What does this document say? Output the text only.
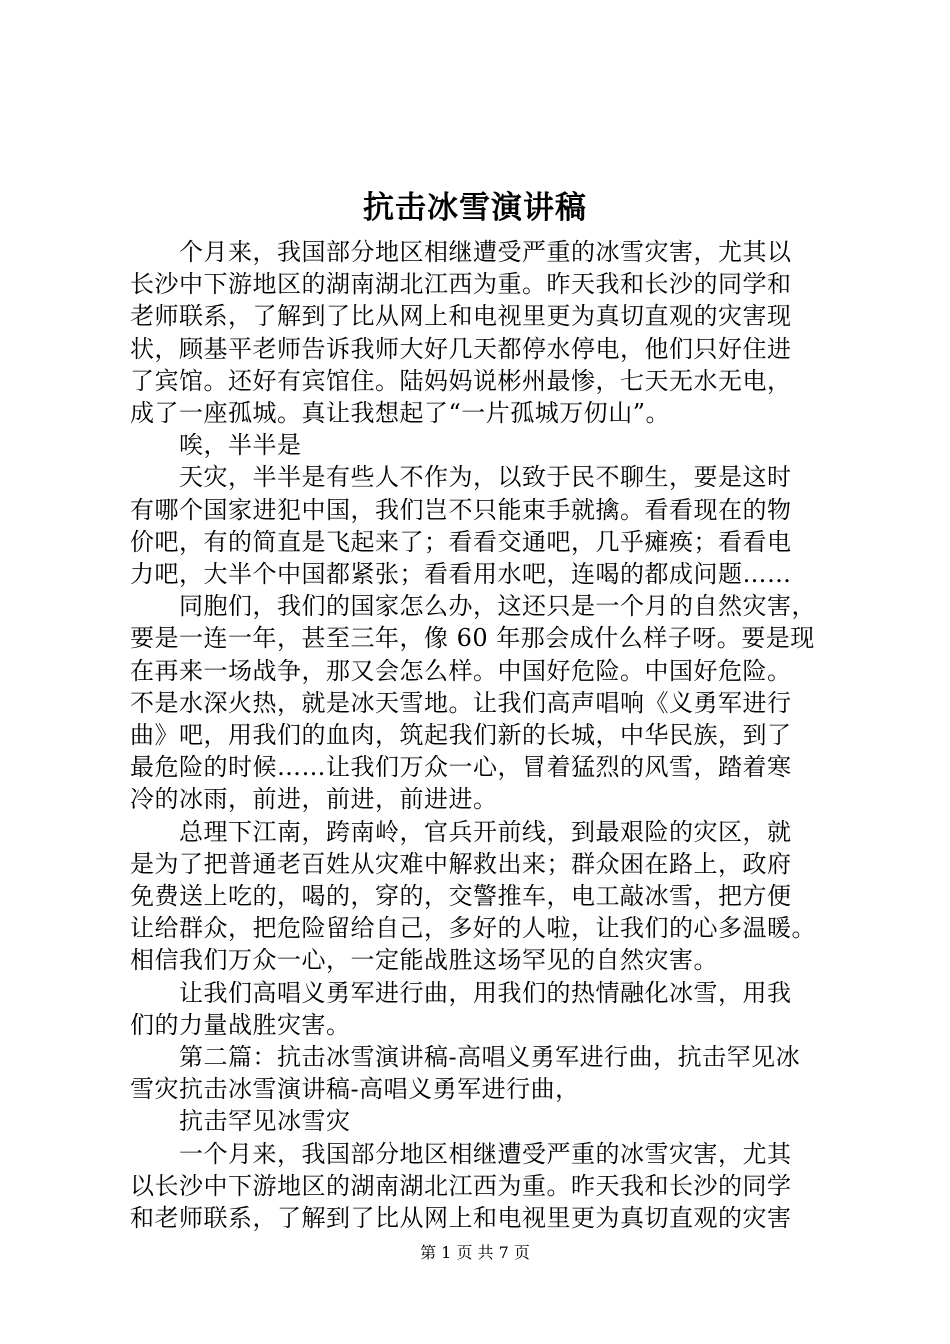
抗击冰雪演讲稿
　　个月来，我国部分地区相继遭受严重的冰雪灾害，尤其以
长沙中下游地区的湖南湖北江西为重。昨天我和长沙的同学和
老师联系，了解到了比从网上和电视里更为真切直观的灾害现
状，顾基平老师告诉我师大好几天都停水停电，他们只好住进
了宾馆。还好有宾馆住。陆妈妈说彬州最惨，七天无水无电，
成了一座孤城。真让我想起了“一片孤城万仞山”。
　　唉，半半是
　　天灾，半半是有些人不作为，以致于民不聊生，要是这时
有哪个国家进犯中国，我们岂不只能束手就擒。看看现在的物
价吧，有的简直是飞起来了；看看交通吧，几乎瘫痪；看看电
力吧，大半个中国都紧张；看看用水吧，连喝的都成问题……
　　同胞们，我们的国家怎么办，这还只是一个月的自然灾害，
要是一连一年，甚至三年，像 60 年那会成什么样子呀。要是现
在再来一场战争，那又会怎么样。中国好危险。中国好危险。
不是水深火热，就是冰天雪地。让我们高声唱响《义勇军进行
曲》吧，用我们的血肉，筑起我们新的长城，中华民族，到了
最危险的时候……让我们万众一心，冒着猛烈的风雪，踏着寒
冷的冰雨，前进，前进，前进进。
　　总理下江南，跨南岭，官兵开前线，到最艰险的灾区，就
是为了把普通老百姓从灾难中解救出来；群众困在路上，政府
免费送上吃的，喝的，穿的，交警推车，电工敲冰雪，把方便
让给群众，把危险留给自己，多好的人啦，让我们的心多温暖。
相信我们万众一心，一定能战胜这场罕见的自然灾害。
　　让我们高唱义勇军进行曲，用我们的热情融化冰雪，用我
们的力量战胜灾害。
　　第二篇：抗击冰雪演讲稿-高唱义勇军进行曲，抗击罕见冰
雪灾抗击冰雪演讲稿-高唱义勇军进行曲，
　　抗击罕见冰雪灾
　　一个月来，我国部分地区相继遭受严重的冰雪灾害，尤其
以长沙中下游地区的湖南湖北江西为重。昨天我和长沙的同学
和老师联系，了解到了比从网上和电视里更为真切直观的灾害
第 1 页 共 7 页
